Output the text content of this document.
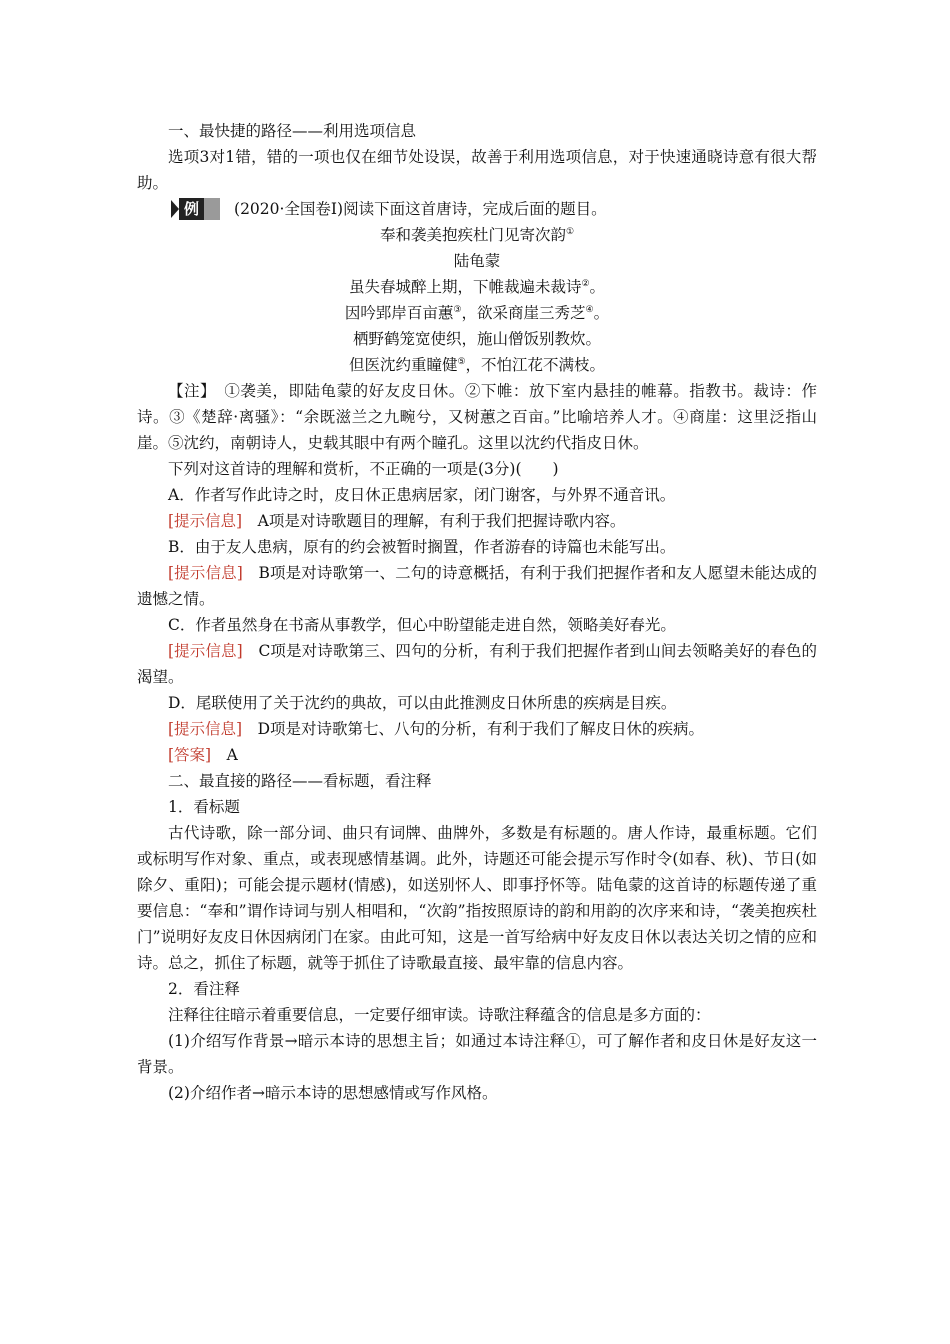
一、最快捷的路径——利用选项信息

选项3对1错，错的一项也仅在细节处设误，故善于利用选项信息，对于快速通晓诗意有很大帮助。

例	(2020·全国卷Ⅰ)阅读下面这首唐诗，完成后面的题目。

奉和袭美抱疾杜门见寄次韵①

陆龟蒙

虽失春城醉上期，下帷裁遍未裁诗②。

因吟郢岸百亩蕙③，欲采商崖三秀芝④。

栖野鹤笼宽使织，施山僧饭别教炊。

但医沈约重瞳健⑤，不怕江花不满枝。

【注】　 ①袭美，即陆龟蒙的好友皮日休。②下帷：放下室内悬挂的帷幕。指教书。裁诗：作诗。③《楚辞·离骚》：“余既滋兰之九畹兮，又树蕙之百亩。”比喻培养人才。④商崖：这里泛指山崖。⑤沈约，南朝诗人，史载其眼中有两个瞳孔。这里以沈约代指皮日休。

下列对这首诗的理解和赏析，不正确的一项是(3分)(　　)

A．作者写作此诗之时，皮日休正患病居家，闭门谢客，与外界不通音讯。

[提示信息]　 A项是对诗歌题目的理解，有利于我们把握诗歌内容。

B．由于友人患病，原有的约会被暂时搁置，作者游春的诗篇也未能写出。

[提示信息]　 B项是对诗歌第一、二句的诗意概括，有利于我们把握作者和友人愿望未能达成的遗憾之情。

C．作者虽然身在书斋从事教学，但心中盼望能走进自然，领略美好春光。

[提示信息]　 C项是对诗歌第三、四句的分析，有利于我们把握作者到山间去领略美好的春色的渴望。

D．尾联使用了关于沈约的典故，可以由此推测皮日休所患的疾病是目疾。

[提示信息]　 D项是对诗歌第七、八句的分析，有利于我们了解皮日休的疾病。

[答案]　 A

二、最直接的路径——看标题，看注释

1．看标题

古代诗歌，除一部分词、曲只有词牌、曲牌外，多数是有标题的。唐人作诗，最重标题。它们或标明写作对象、重点，或表现感情基调。此外，诗题还可能会提示写作时令(如春、秋)、节日(如除夕、重阳)；可能会提示题材(情感)，如送别怀人、即事抒怀等。陆龟蒙的这首诗的标题传递了重要信息：“奉和”谓作诗词与别人相唱和，“次韵”指按照原诗的韵和用韵的次序来和诗，“袭美抱疾杜门”说明好友皮日休因病闭门在家。由此可知，这是一首写给病中好友皮日休以表达关切之情的应和诗。总之，抓住了标题，就等于抓住了诗歌最直接、最牢靠的信息内容。

2．看注释

注释往往暗示着重要信息，一定要仔细审读。诗歌注释蕴含的信息是多方面的：

(1)介绍写作背景→暗示本诗的思想主旨；如通过本诗注释①，可了解作者和皮日休是好友这一背景。

(2)介绍作者→暗示本诗的思想感情或写作风格。
